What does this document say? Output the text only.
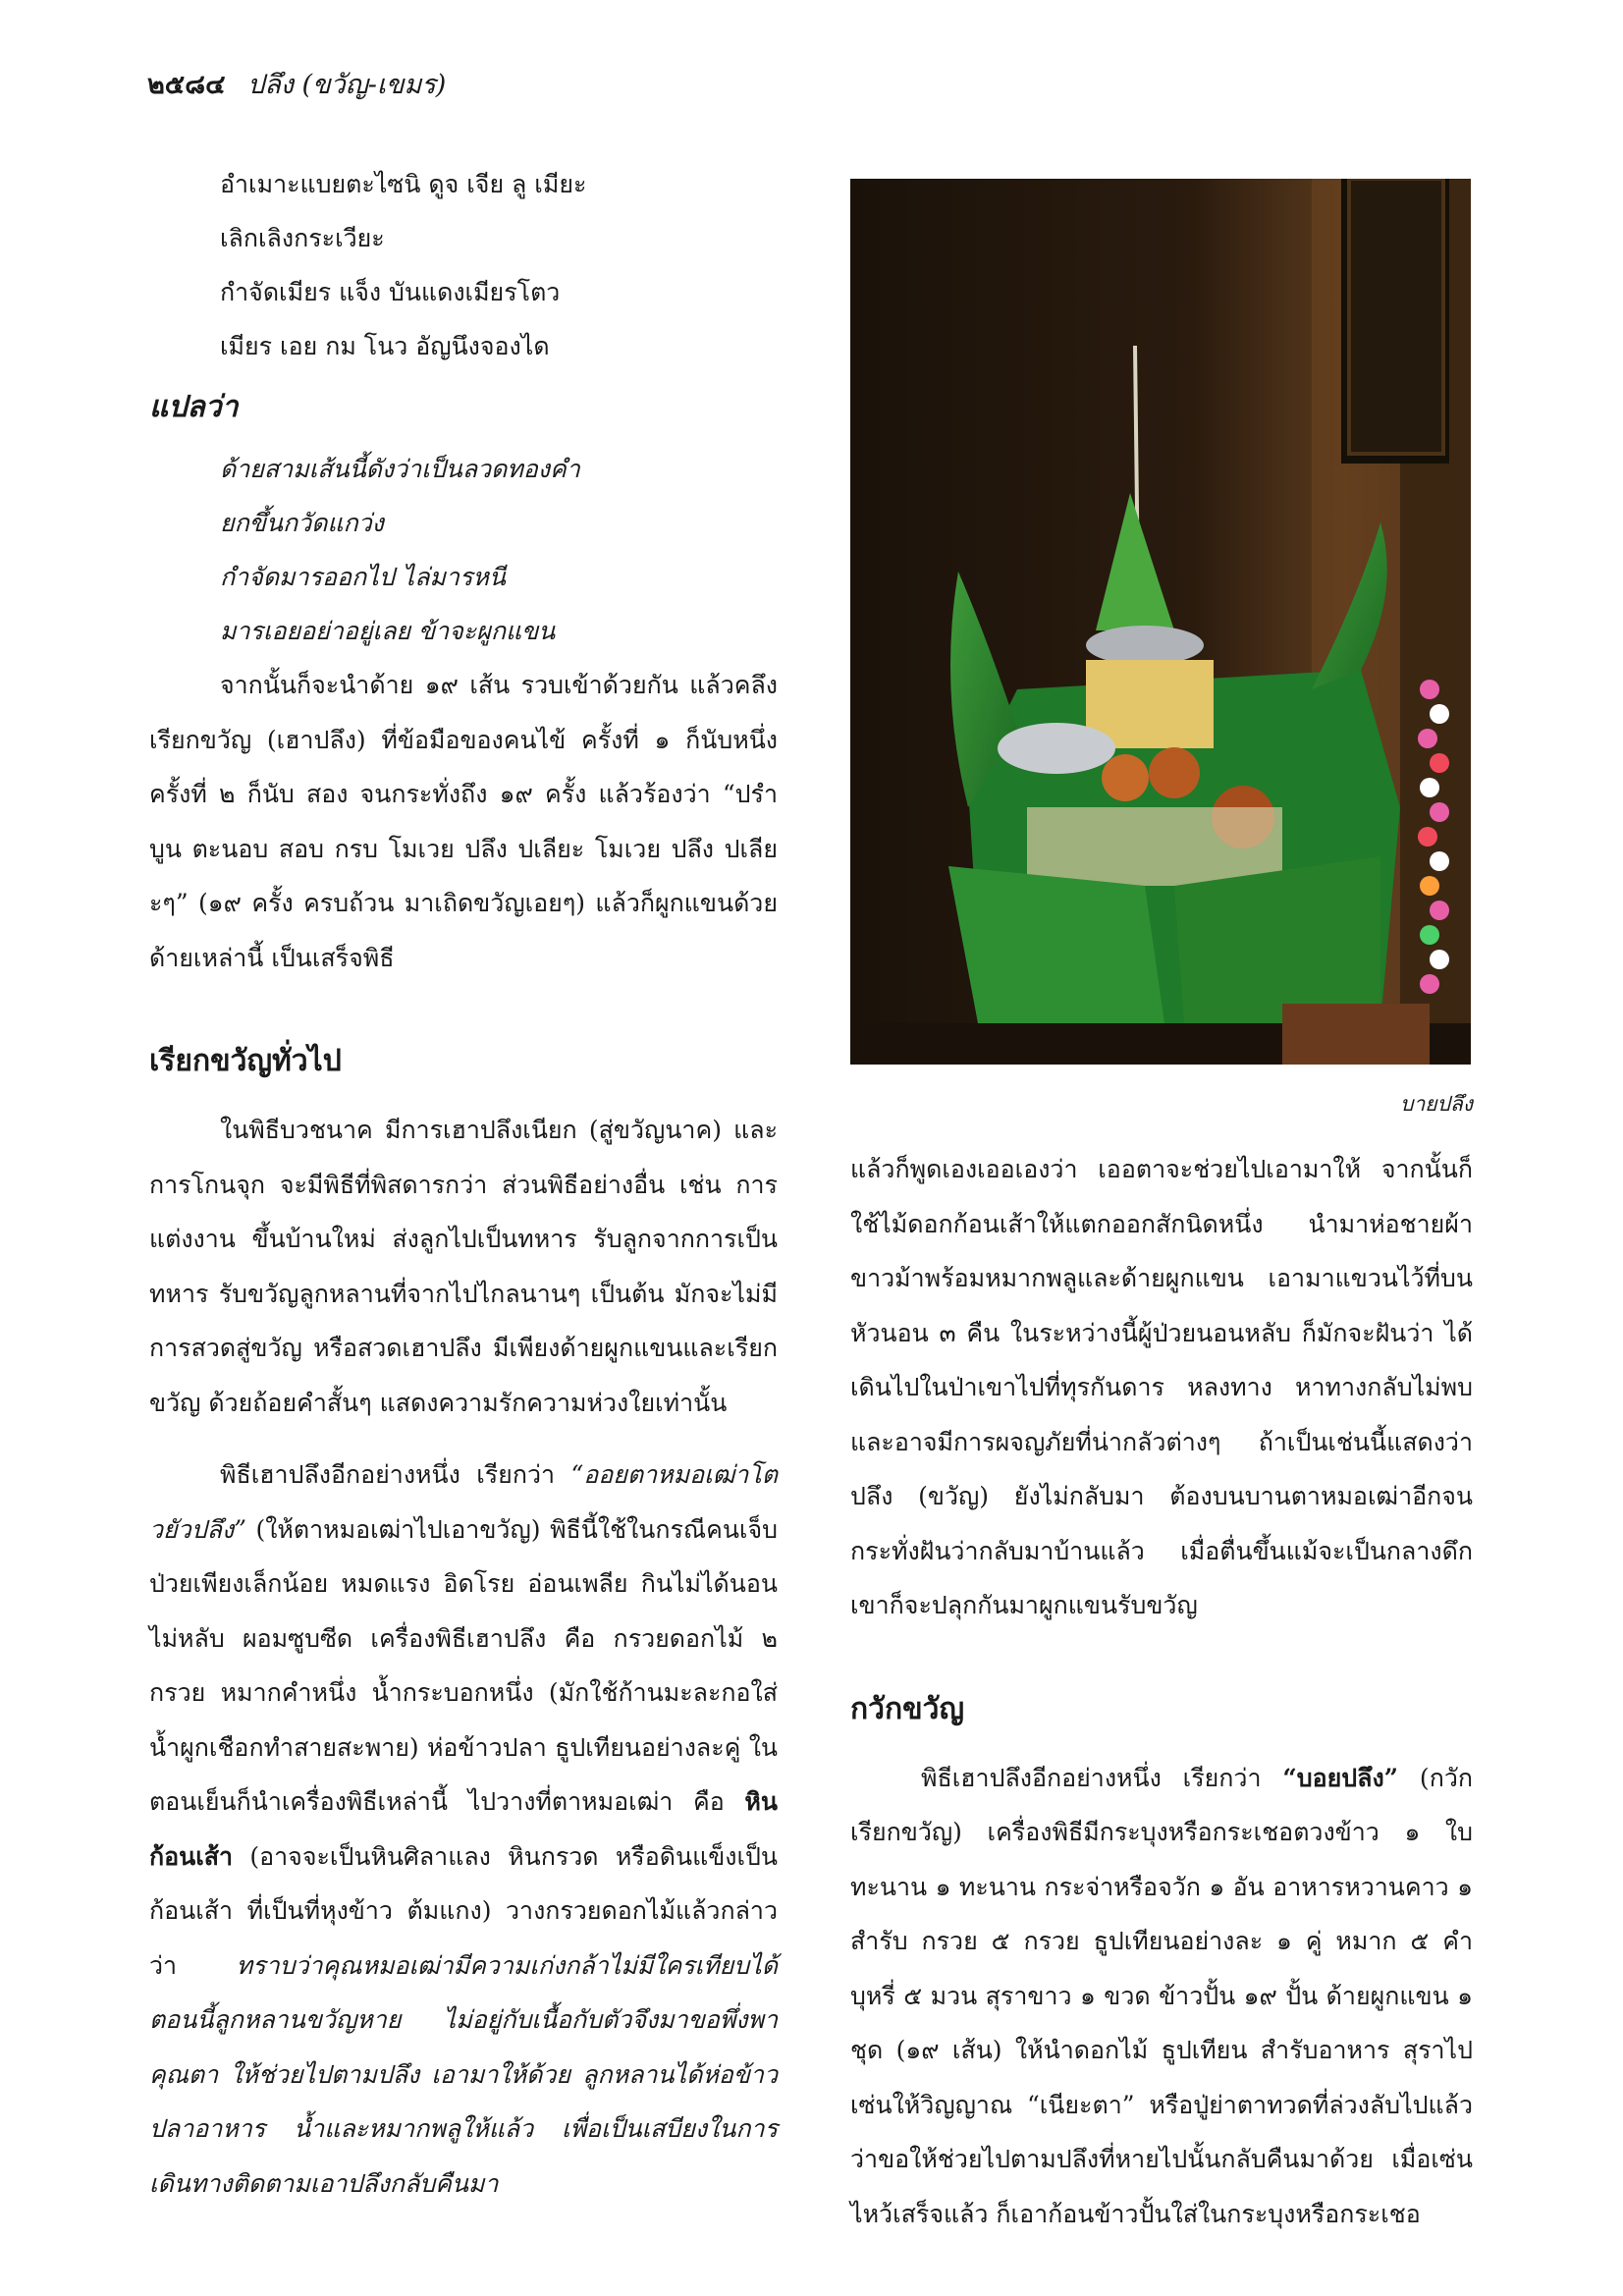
๒๕๘๔ ปลึง (ขวัญ-เขมร)
อำเมาะแบยตะไซนิ ดูจ เจีย ลู เมียะ
เลิกเลิงกระเวียะ
กำจัดเมียร แจ็ง บันแดงเมียรโตว
เมียร เอย กม โนว อัญนึงจองได
แปลว่า
ด้ายสามเส้นนี้ดังว่าเป็นลวดทองคำ
ยกขึ้นกวัดแกว่ง
กำจัดมารออกไป ไล่มารหนี
มารเอยอย่าอยู่เลย ข้าจะผูกแขน

จากนั้นก็จะนำด้าย ๑๙ เส้น รวบเข้าด้วยกัน แล้วคลึงเรียกขวัญ (เฮาปลึง) ที่ข้อมือของคนไข้ ครั้งที่ ๑ ก็นับหนึ่ง ครั้งที่ ๒ ก็นับ สอง จนกระทั่งถึง ๑๙ ครั้ง แล้วร้องว่า “ปรำ บูน ตะนอบ สอบ กรบ โมเวย ปลึง ปเลียะ โมเวย ปลึง ปเลียะๆ” (๑๙ ครั้ง ครบถ้วน มาเถิดขวัญเอยๆ) แล้วก็ผูกแขนด้วยด้ายเหล่านี้ เป็นเสร็จพิธี

เรียกขวัญทั่วไป

ในพิธีบวชนาค มีการเฮาปลึงเนียก (สู่ขวัญนาค) และการโกนจุก จะมีพิธีที่พิสดารกว่า ส่วนพิธีอย่างอื่น เช่น การแต่งงาน ขึ้นบ้านใหม่ ส่งลูกไปเป็นทหาร รับลูกจากการเป็นทหาร รับขวัญลูกหลานที่จากไปไกลนานๆ เป็นต้น มักจะไม่มีการสวดสู่ขวัญ หรือสวดเฮาปลึง มีเพียงด้ายผูกแขนและเรียกขวัญ ด้วยถ้อยคำสั้นๆ แสดงความรักความห่วงใยเท่านั้น

พิธีเฮาปลึงอีกอย่างหนึ่ง เรียกว่า “ออยตาหมอเฒ่าโตวยัวปลึง” (ให้ตาหมอเฒ่าไปเอาขวัญ) พิธีนี้ใช้ในกรณีคนเจ็บป่วยเพียงเล็กน้อย หมดแรง อิดโรย อ่อนเพลีย กินไม่ได้นอนไม่หลับ ผอมซูบซีด เครื่องพิธีเฮาปลึง คือ กรวยดอกไม้ ๒ กรวย หมากคำหนึ่ง น้ำกระบอกหนึ่ง (มักใช้ก้านมะละกอใส่น้ำผูกเชือกทำสายสะพาย) ห่อข้าวปลา ธูปเทียนอย่างละคู่ ในตอนเย็นก็นำเครื่องพิธีเหล่านี้ ไปวางที่ตาหมอเฒ่า คือ หินก้อนเส้า (อาจจะเป็นหินศิลาแลง หินกรวด หรือดินแข็งเป็นก้อนเส้า ที่เป็นที่หุงข้าว ต้มแกง) วางกรวยดอกไม้แล้วกล่าวว่า ทราบว่าคุณหมอเฒ่ามีความเก่งกล้าไม่มีใครเทียบได้ ตอนนี้ลูกหลานขวัญหาย ไม่อยู่กับเนื้อกับตัวจึงมาขอพึ่งพาคุณตา ให้ช่วยไปตามปลึง เอามาให้ด้วย ลูกหลานได้ห่อข้าวปลาอาหาร น้ำและหมากพลูให้แล้ว เพื่อเป็นเสบียงในการเดินทางติดตามเอาปลึงกลับคืนมา

บายปลึง

แล้วก็พูดเองเออเองว่า เออตาจะช่วยไปเอามาให้ จากนั้นก็ใช้ไม้ดอกก้อนเส้าให้แตกออกสักนิดหนึ่ง นำมาห่อชายผ้าขาวม้าพร้อมหมากพลูและด้ายผูกแขน เอามาแขวนไว้ที่บนหัวนอน ๓ คืน ในระหว่างนี้ผู้ป่วยนอนหลับ ก็มักจะฝันว่า ได้เดินไปในป่าเขาไปที่ทุรกันดาร หลงทาง หาทางกลับไม่พบ และอาจมีการผจญภัยที่น่ากลัวต่างๆ ถ้าเป็นเช่นนี้แสดงว่า ปลึง (ขวัญ) ยังไม่กลับมา ต้องบนบานตาหมอเฒ่าอีกจนกระทั่งฝันว่ากลับมาบ้านแล้ว เมื่อตื่นขึ้นแม้จะเป็นกลางดึก เขาก็จะปลุกกันมาผูกแขนรับขวัญ

กวักขวัญ

พิธีเฮาปลึงอีกอย่างหนึ่ง เรียกว่า “บอยปลึง” (กวักเรียกขวัญ) เครื่องพิธีมีกระบุงหรือกระเชอตวงข้าว ๑ ใบ ทะนาน ๑ ทะนาน กระจ่าหรือจวัก ๑ อัน อาหารหวานคาว ๑ สำรับ กรวย ๕ กรวย ธูปเทียนอย่างละ ๑ คู่ หมาก ๕ คำ บุหรี่ ๕ มวน สุราขาว ๑ ขวด ข้าวปั้น ๑๙ ปั้น ด้ายผูกแขน ๑ ชุด (๑๙ เส้น) ให้นำดอกไม้ ธูปเทียน สำรับอาหาร สุราไปเซ่นให้วิญญาณ “เนียะตา” หรือปู่ย่าตาทวดที่ล่วงลับไปแล้ว ว่าขอให้ช่วยไปตามปลึงที่หายไปนั้นกลับคืนมาด้วย เมื่อเซ่นไหว้เสร็จแล้ว ก็เอาก้อนข้าวปั้นใส่ในกระบุงหรือกระเชอ
